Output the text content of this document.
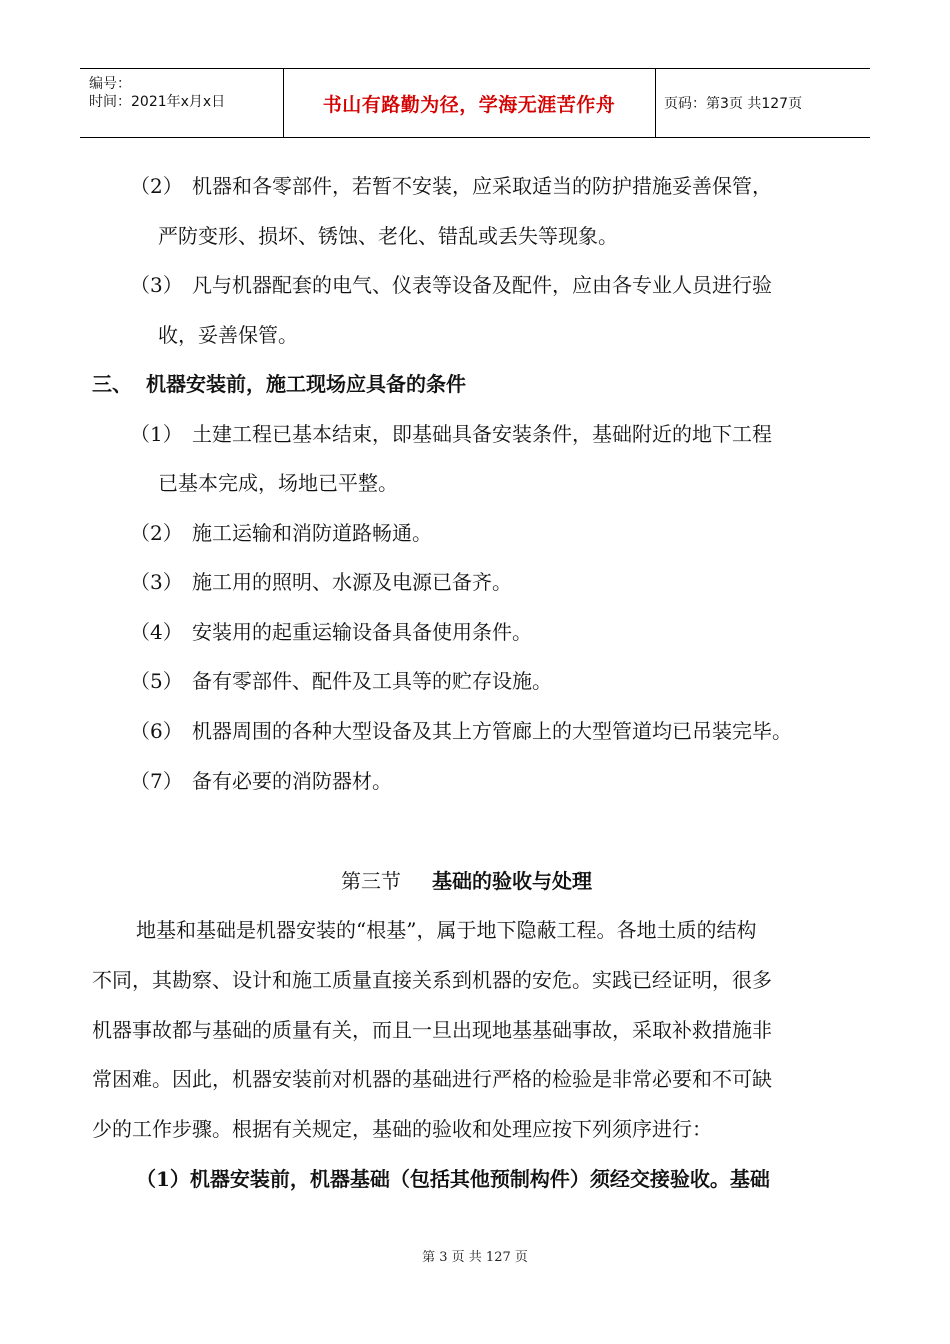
编号：
时间：2021年x月x日	书山有路勤为径，学海无涯苦作舟	页码：第3页 共127页
（2） 机器和各零部件，若暂不安装，应采取适当的防护措施妥善保管，
严防变形、损坏、锈蚀、老化、错乱或丢失等现象。
（3） 凡与机器配套的电气、仪表等设备及配件，应由各专业人员进行验
收，妥善保管。
三、 机器安装前，施工现场应具备的条件
（1） 土建工程已基本结束，即基础具备安装条件，基础附近的地下工程
已基本完成，场地已平整。
（2） 施工运输和消防道路畅通。
（3） 施工用的照明、水源及电源已备齐。
（4） 安装用的起重运输设备具备使用条件。
（5） 备有零部件、配件及工具等的贮存设施。
（6） 机器周围的各种大型设备及其上方管廊上的大型管道均已吊装完毕。
（7） 备有必要的消防器材。
第三节 基础的验收与处理
地基和基础是机器安装的“根基”，属于地下隐蔽工程。各地土质的结构
不同，其勘察、设计和施工质量直接关系到机器的安危。实践已经证明，很多
机器事故都与基础的质量有关，而且一旦出现地基基础事故，采取补救措施非
常困难。因此，机器安装前对机器的基础进行严格的检验是非常必要和不可缺
少的工作步骤。根据有关规定，基础的验收和处理应按下列须序进行：
（1）机器安装前，机器基础（包括其他预制构件）须经交接验收。基础
第 3 页 共 127 页
